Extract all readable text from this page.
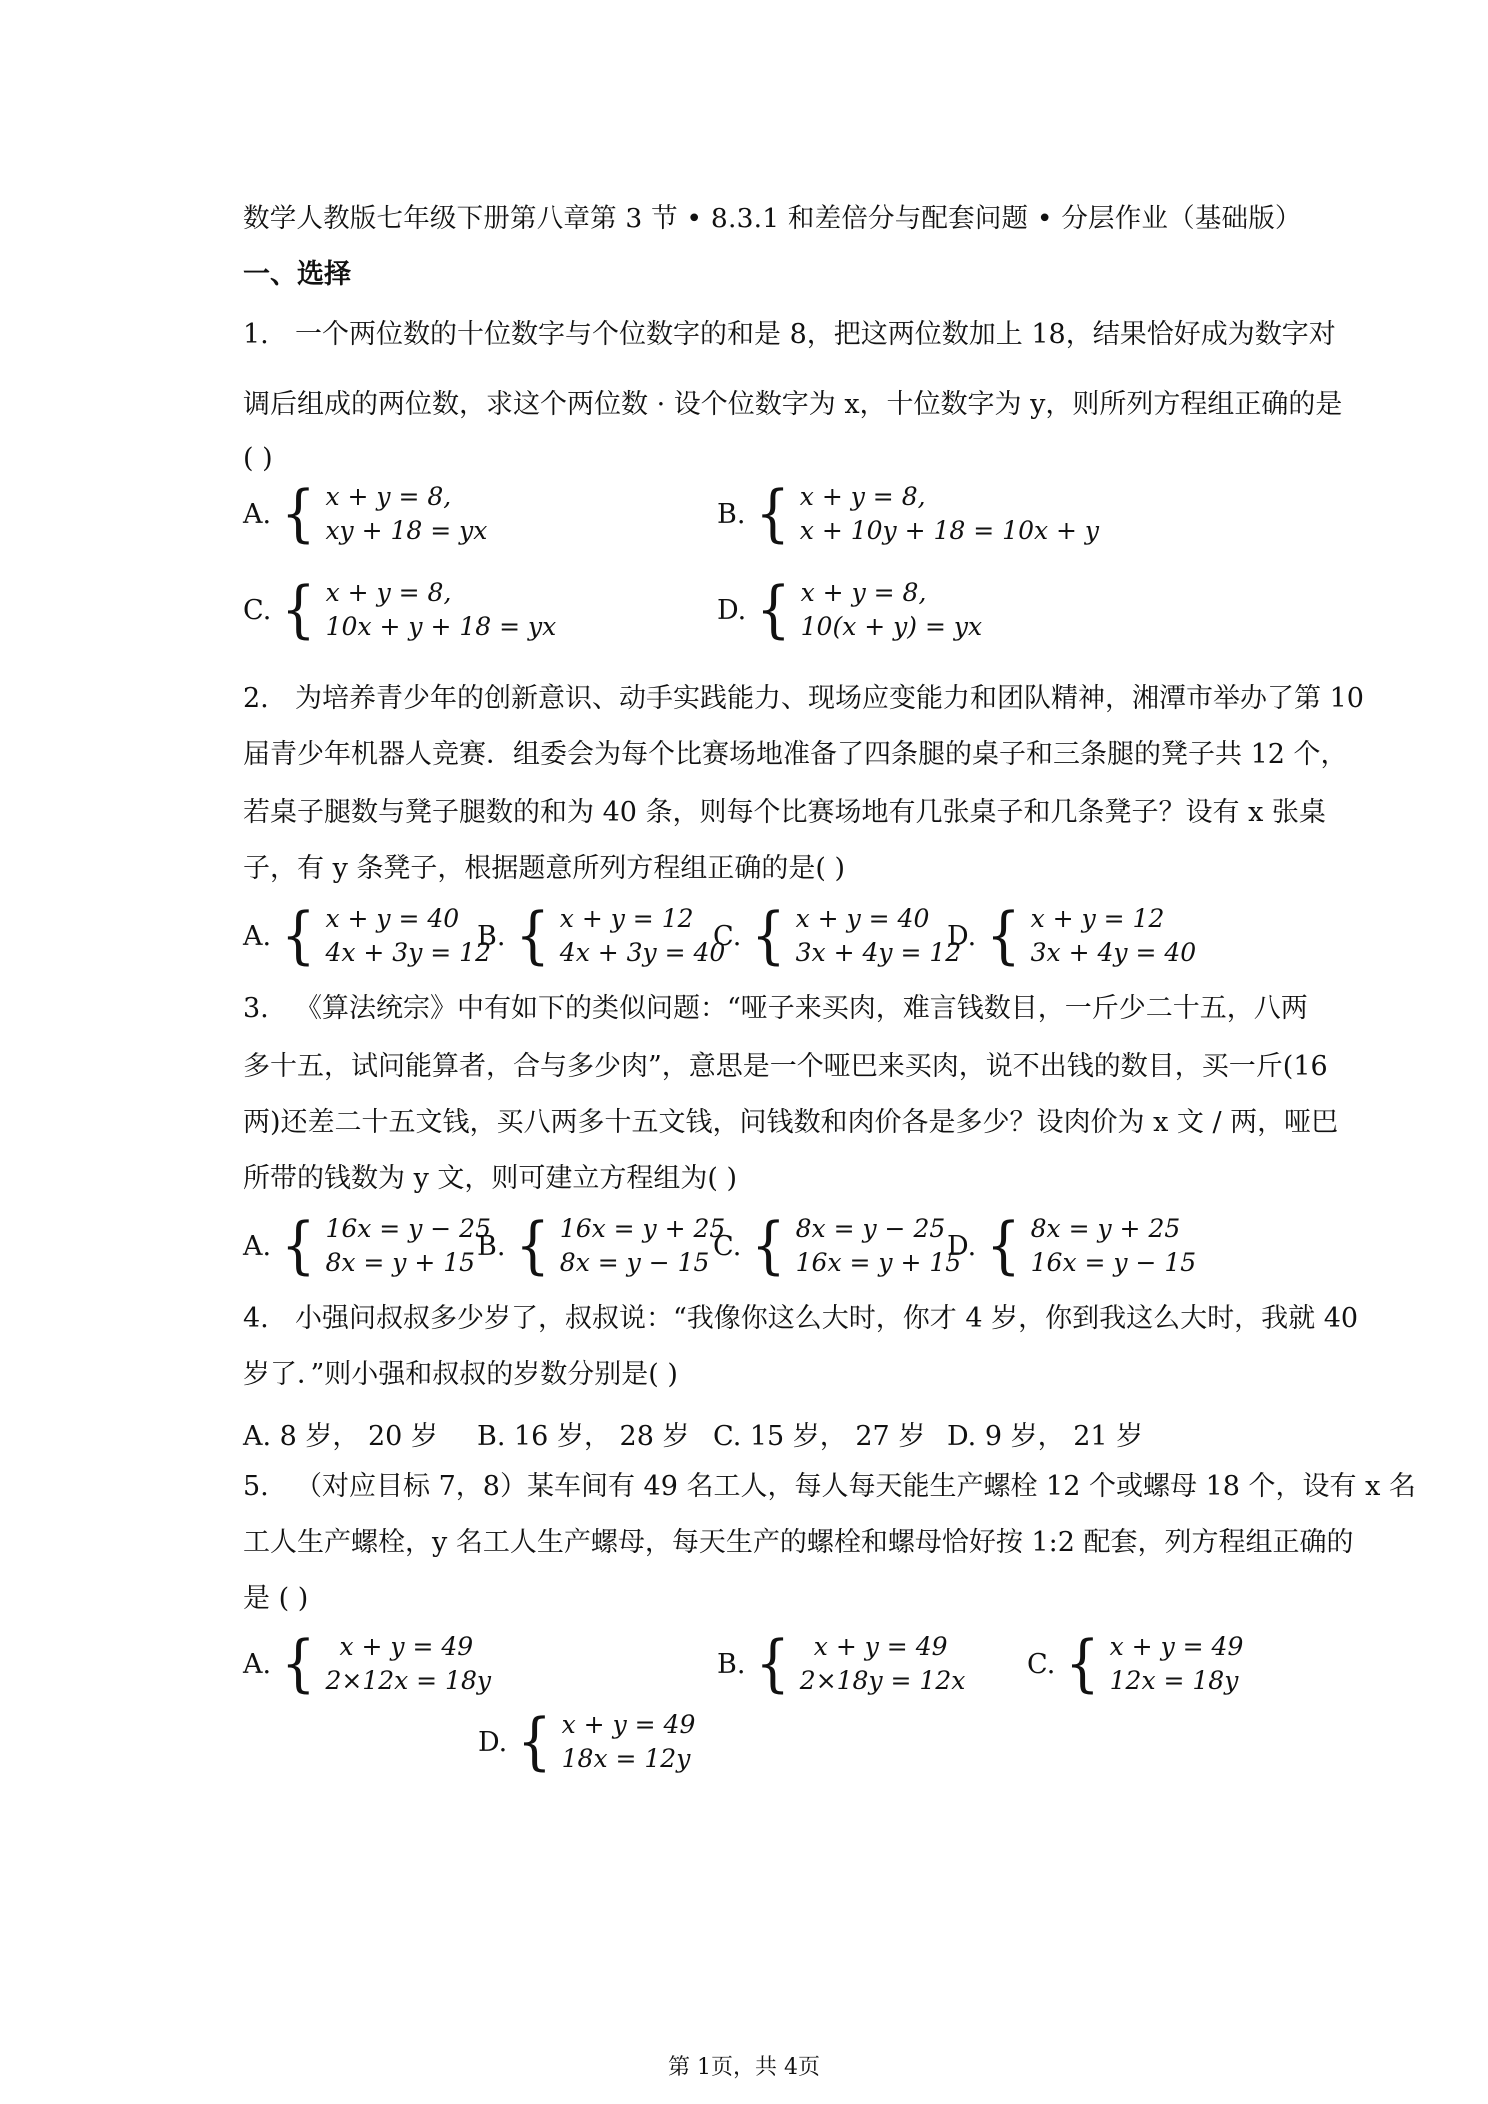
数学人教版七年级下册第八章第 3 节 • 8.3.1 和差倍分与配套问题 • 分层作业（基础版）
一、选择
1. 一个两位数的十位数字与个位数字的和是 8，把这两位数加上 18，结果恰好成为数字对
调后组成的两位数，求这个两位数 · 设个位数字为 x，十位数字为 y，则所列方程组正确的是
( )
A. { x + y = 8,
xy + 18 = yx
B. { x + y = 8,
x + 10y + 18 = 10x + y
C. { x + y = 8,
10x + y + 18 = yx
D. { x + y = 8,
10(x + y) = yx
2. 为培养青少年的创新意识、动手实践能力、现场应变能力和团队精神，湘潭市举办了第 10
届青少年机器人竞赛．组委会为每个比赛场地准备了四条腿的桌子和三条腿的凳子共 12 个，
若桌子腿数与凳子腿数的和为 40 条，则每个比赛场地有几张桌子和几条凳子？设有 x 张桌
子，有 y 条凳子，根据题意所列方程组正确的是( )
A. { x + y = 40
4x + 3y = 12
B. { x + y = 12
4x + 3y = 40
C. { x + y = 40
3x + 4y = 12
D. { x + y = 12
3x + 4y = 40
3. 《算法统宗》中有如下的类似问题：“哑子来买肉，难言钱数目，一斤少二十五，八两
多十五，试问能算者，合与多少肉”，意思是一个哑巴来买肉，说不出钱的数目，买一斤(16
两)还差二十五文钱，买八两多十五文钱，问钱数和肉价各是多少？设肉价为 x 文 / 两，哑巴
所带的钱数为 y 文，则可建立方程组为( )
A. { 16x = y − 25
8x = y + 15
B. { 16x = y + 25
8x = y − 15
C. { 8x = y − 25
16x = y + 15
D. { 8x = y + 25
16x = y − 15
4. 小强问叔叔多少岁了，叔叔说：“我像你这么大时，你才 4 岁，你到我这么大时，我就 40
岁了．”则小强和叔叔的岁数分别是( )
A. 8 岁， 20 岁 B. 16 岁， 28 岁 C. 15 岁， 27 岁 D. 9 岁， 21 岁
5. （对应目标 7，8）某车间有 49 名工人，每人每天能生产螺栓 12 个或螺母 18 个，设有 x 名
工人生产螺栓，y 名工人生产螺母，每天生产的螺栓和螺母恰好按 1:2 配套，列方程组正确的
是 ( )
A. { x + y = 49
2×12x = 18y
B. { x + y = 49
2×18y = 12x
C. { x + y = 49
12x = 18y
D. { x + y = 49
18x = 12y
第 1页，共 4页
